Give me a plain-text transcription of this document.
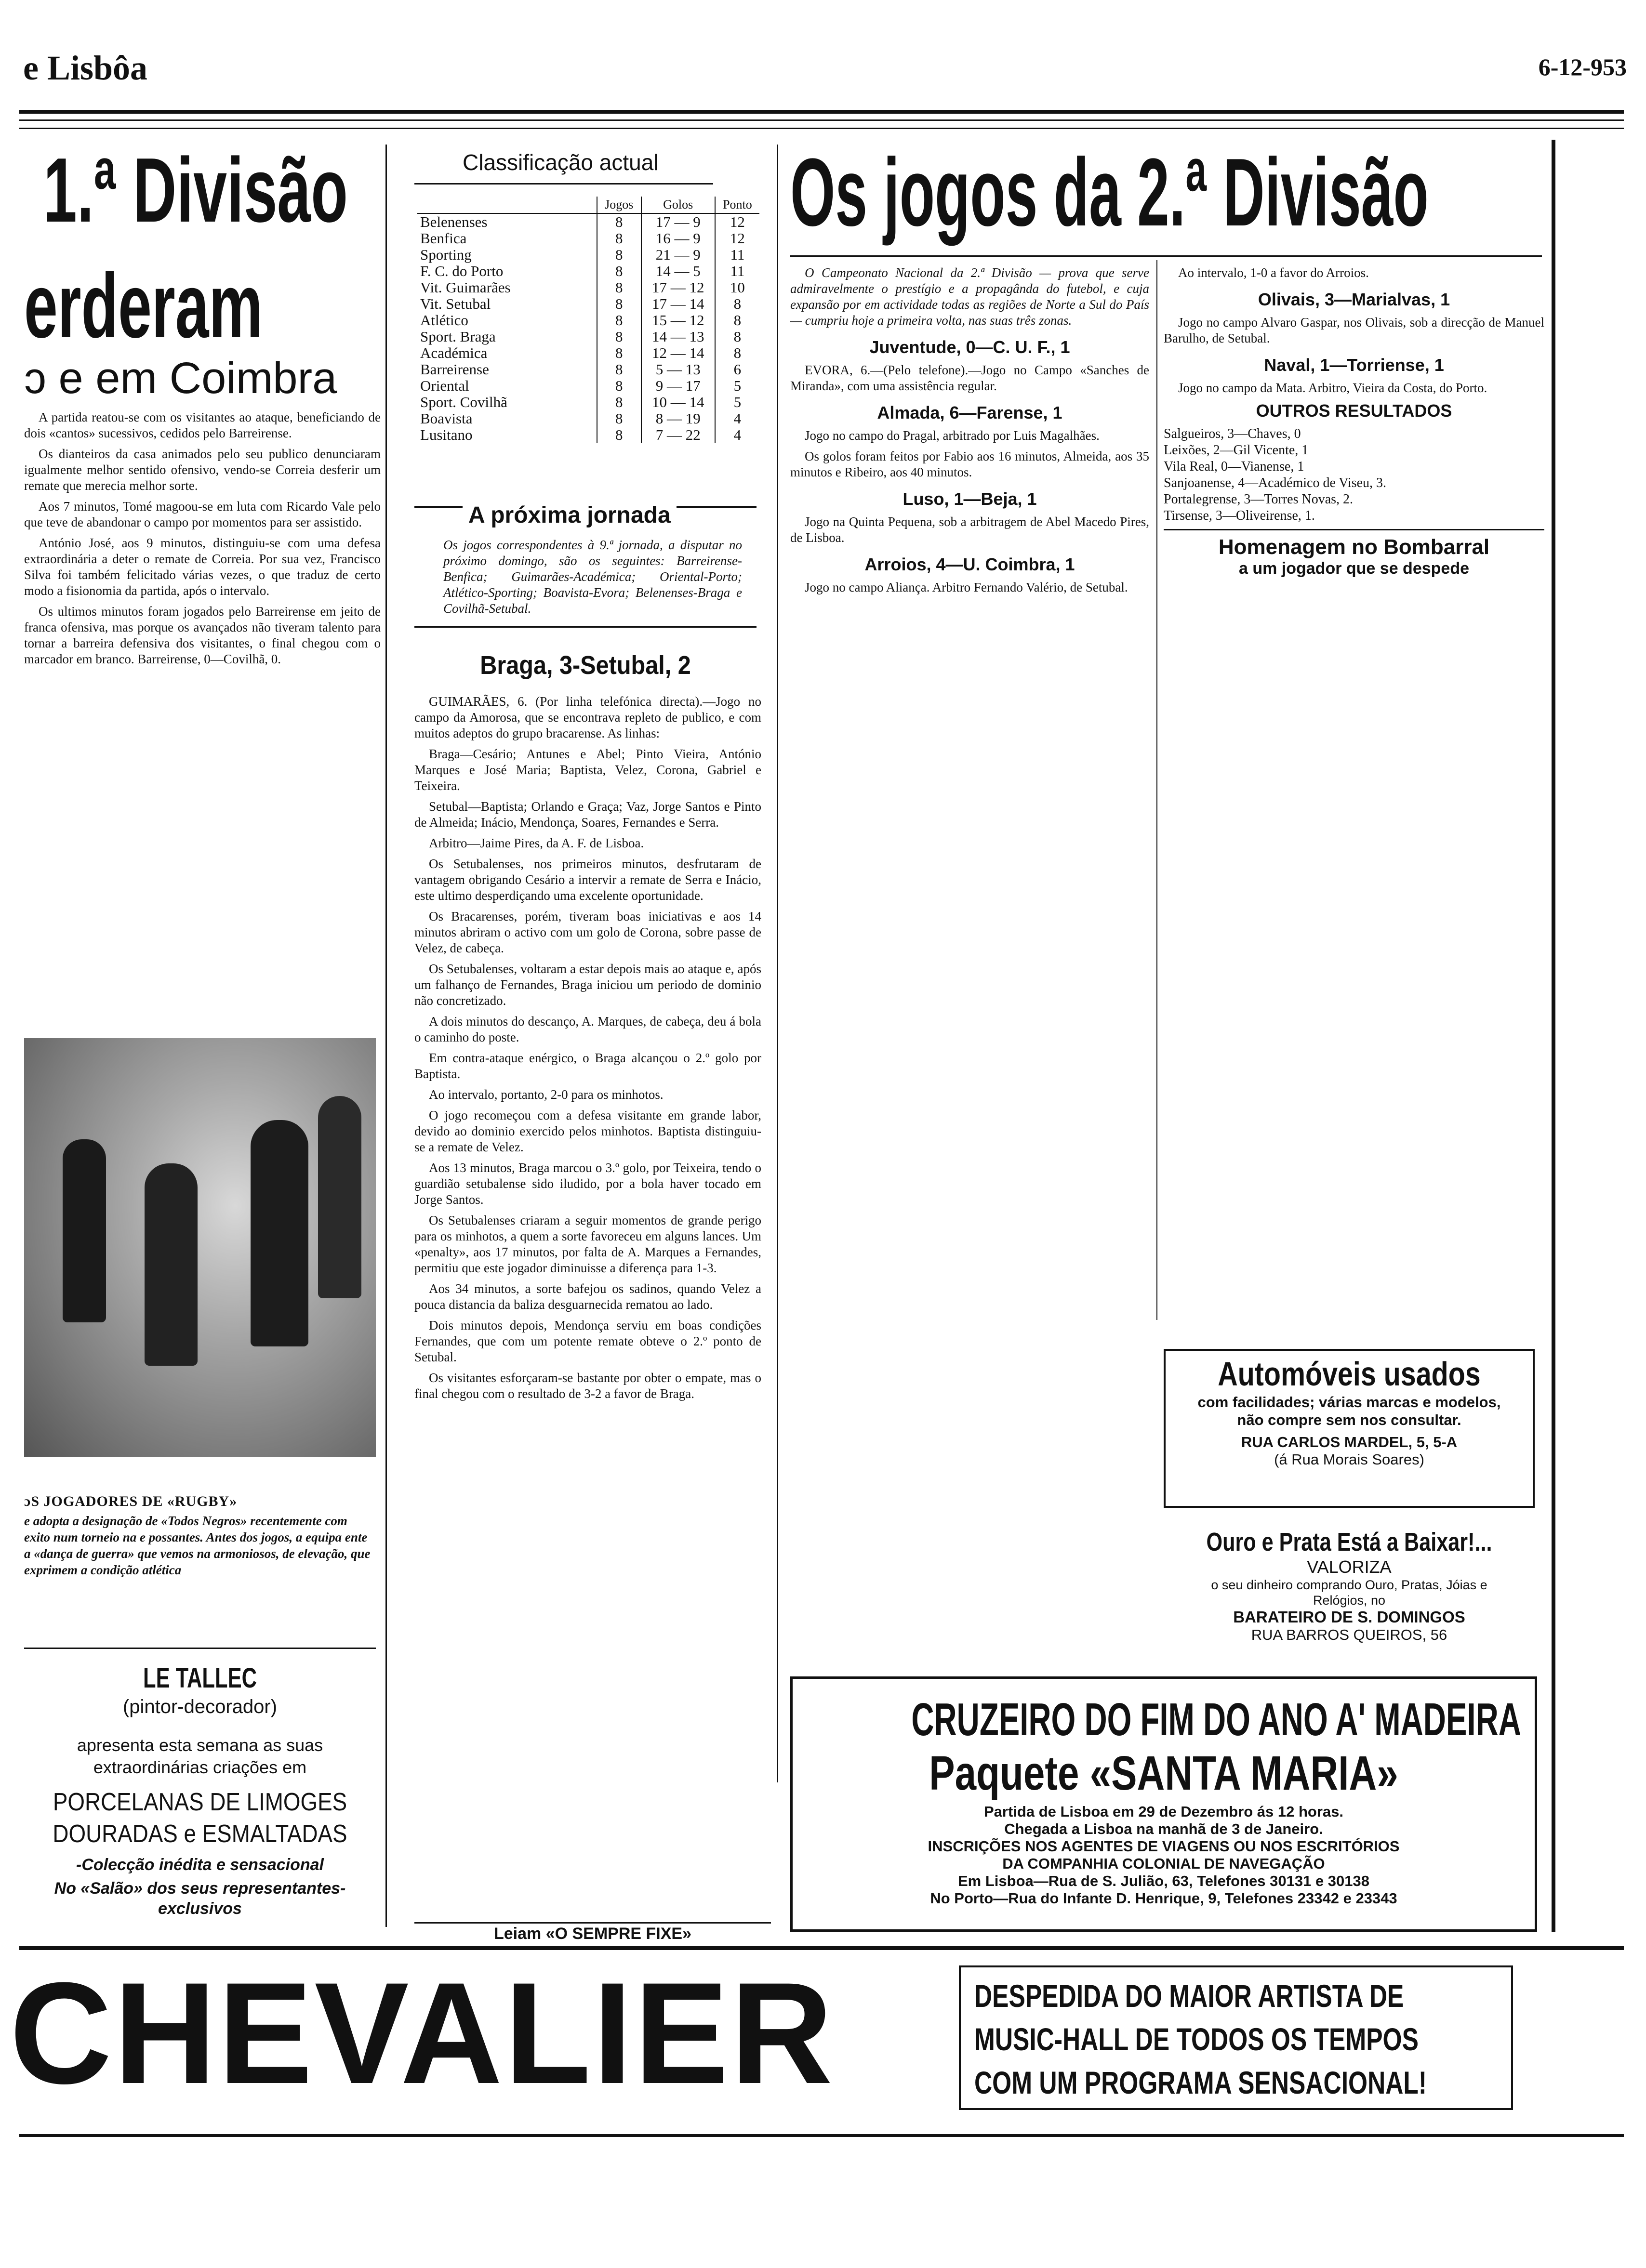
e Lisbôa	6-12-953
1.ª Divisão
erderam
ɔ e em Coimbra

A partida reatou-se com os visitantes ao ataque, beneficiando de dois «cantos» sucessivos, cedidos pelo Barreirense.

Os dianteiros da casa animados pelo seu publico denunciaram igualmente melhor sentido ofensivo, vendo-se Correia desferir um remate que merecia melhor sorte.

Aos 7 minutos, Tomé magoou-se em luta com Ricardo Vale pelo que teve de abandonar o campo por momentos para ser assistido.

António José, aos 9 minutos, distinguiu-se com uma defesa extraordinária a deter o remate de Correia. Por sua vez, Francisco Silva foi também felicitado várias vezes, o que traduz de certo modo a fisionomia da partida, após o intervalo.

Os ultimos minutos foram jogados pelo Barreirense em jeito de franca ofensiva, mas porque os avançados não tiveram talento para tornar a barreira defensiva dos visitantes, o final chegou com o marcador em branco. Barreirense, 0—Covilhã, 0.

ɔS JOGADORES DE «RUGBY»
e adopta a designação de «Todos Negros» recentemente com exito num torneio na e possantes. Antes dos jogos, a equipa ente a «dança de guerra» que vemos na armoniosos, de elevação, que exprimem a condição atlética
LE TALLEC
(pintor-decorador)
apresenta esta semana as suas extraordinárias criações em
PORCELANAS DE LIMOGES
DOURADAS e ESMALTADAS
-Colecção inédita e sensacional
No «Salão» dos seus representantes-exclusivos
Classificação actual
	Jogos	Golos	Ponto
Belenenses	8	17 — 9	12
Benfica	8	16 — 9	12
Sporting	8	21 — 9	11
F. C. do Porto	8	14 — 5	11
Vit. Guimarães	8	17 — 12	10
Vit. Setubal	8	17 — 14	8
Atlético	8	15 — 12	8
Sport. Braga	8	14 — 13	8
Académica	8	12 — 14	8
Barreirense	8	5 — 13	6
Oriental	8	9 — 17	5
Sport. Covilhã	8	10 — 14	5
Boavista	8	8 — 19	4
Lusitano	8	7 — 22	4
A próxima jornada
Os jogos correspondentes à 9.ª jornada, a disputar no próximo domingo, são os seguintes: Barreirense-Benfica; Guimarães-Académica; Oriental-Porto; Atlético-Sporting; Boavista-Evora; Belenenses-Braga e Covilhã-Setubal.
Braga, 3-Setubal, 2

GUIMARÃES, 6. (Por linha telefónica directa).—Jogo no campo da Amorosa, que se encontrava repleto de publico, e com muitos adeptos do grupo bracarense. As linhas:

Braga—Cesário; Antunes e Abel; Pinto Vieira, António Marques e José Maria; Baptista, Velez, Corona, Gabriel e Teixeira.

Setubal—Baptista; Orlando e Graça; Vaz, Jorge Santos e Pinto de Almeida; Inácio, Mendonça, Soares, Fernandes e Serra.

Arbitro—Jaime Pires, da A. F. de Lisboa.

Os Setubalenses, nos primeiros minutos, desfrutaram de vantagem obrigando Cesário a intervir a remate de Serra e Inácio, este ultimo desperdiçando uma excelente oportunidade.

Os Bracarenses, porém, tiveram boas iniciativas e aos 14 minutos abriram o activo com um golo de Corona, sobre passe de Velez, de cabeça.

Os Setubalenses, voltaram a estar depois mais ao ataque e, após um falhanço de Fernandes, Braga iniciou um periodo de dominio não concretizado.

A dois minutos do descanço, A. Marques, de cabeça, deu á bola o caminho do poste.

Em contra-ataque enérgico, o Braga alcançou o 2.º golo por Baptista.

Ao intervalo, portanto, 2-0 para os minhotos.

O jogo recomeçou com a defesa visitante em grande labor, devido ao dominio exercido pelos minhotos. Baptista distinguiu-se a remate de Velez.

Aos 13 minutos, Braga marcou o 3.º golo, por Teixeira, tendo o guardião setubalense sido iludido, por a bola haver tocado em Jorge Santos.

Os Setubalenses criaram a seguir momentos de grande perigo para os minhotos, a quem a sorte favoreceu em alguns lances. Um «penalty», aos 17 minutos, por falta de A. Marques a Fernandes, permitiu que este jogador diminuisse a diferença para 1-3.

Aos 34 minutos, a sorte bafejou os sadinos, quando Velez a pouca distancia da baliza desguarnecida rematou ao lado.

Dois minutos depois, Mendonça serviu em boas condições Fernandes, que com um potente remate obteve o 2.º ponto de Setubal.

Os visitantes esforçaram-se bastante por obter o empate, mas o final chegou com o resultado de 3-2 a favor de Braga.

Leiam «O SEMPRE FIXE»
Os jogos da 2.ª Divisão

O Campeonato Nacional da 2.ª Divisão — prova que serve admiravelmente o prestígio e a propagânda do futebol, e cuja expansão por em actividade todas as regiões de Norte a Sul do País — cumpriu hoje a primeira volta, nas suas três zonas.

Juventude, 0—C. U. F., 1

EVORA, 6.—(Pelo telefone).—Jogo no Campo «Sanches de Miranda», com uma assistência regular.

Almada, 6—Farense, 1

Jogo no campo do Pragal, arbitrado por Luis Magalhães.

Os golos foram feitos por Fabio aos 16 minutos, Almeida, aos 35 minutos e Ribeiro, aos 40 minutos.

Luso, 1—Beja, 1

Jogo na Quinta Pequena, sob a arbitragem de Abel Macedo Pires, de Lisboa.

Arroios, 4—U. Coimbra, 1

Jogo no campo Aliança. Arbitro Fernando Valério, de Setubal.

Ao intervalo, 1-0 a favor do Arroios.

Olivais, 3—Marialvas, 1

Jogo no campo Alvaro Gaspar, nos Olivais, sob a direcção de Manuel Barulho, de Setubal.

Naval, 1—Torriense, 1

Jogo no campo da Mata. Arbitro, Vieira da Costa, do Porto.

OUTROS RESULTADOS
Salgueiros, 3—Chaves, 0
Leixões, 2—Gil Vicente, 1
Vila Real, 0—Vianense, 1
Sanjoanense, 4—Académico de Viseu, 3.
Portalegrense, 3—Torres Novas, 2.
Tirsense, 3—Oliveirense, 1.
Homenagem no Bombarral
a um jogador que se despede
Automóveis usados
com facilidades; várias marcas e modelos, não compre sem nos consultar.
RUA CARLOS MARDEL, 5, 5-A
(á Rua Morais Soares)
Ouro e Prata Está a Baixar!...
VALORIZA
o seu dinheiro comprando Ouro, Pratas, Jóias e Relógios, no
BARATEIRO DE S. DOMINGOS
RUA BARROS QUEIROS, 56
CRUZEIRO DO FIM DO ANO A' MADEIRA
Paquete «SANTA MARIA»
Partida de Lisboa em 29 de Dezembro ás 12 horas.
Chegada a Lisboa na manhã de 3 de Janeiro.
INSCRIÇÕES NOS AGENTES DE VIAGENS OU NOS ESCRITÓRIOS
DA COMPANHIA COLONIAL DE NAVEGAÇÃO
Em Lisboa—Rua de S. Julião, 63, Telefones 30131 e 30138
No Porto—Rua do Infante D. Henrique, 9, Telefones 23342 e 23343
CHEVALIER	DESPEDIDA DO MAIOR ARTISTA DE
MUSIC-HALL DE TODOS OS TEMPOS
COM UM PROGRAMA SENSACIONAL!
